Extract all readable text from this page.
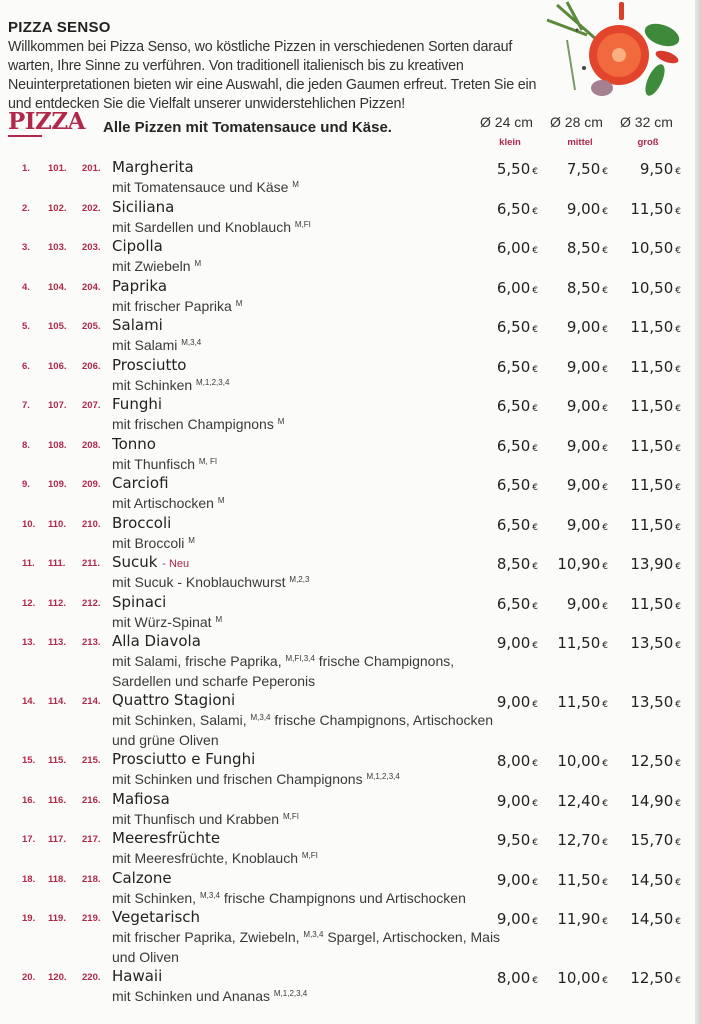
PIZZA SENSO
Willkommen bei Pizza Senso, wo köstliche Pizzen in verschiedenen Sorten darauf warten, Ihre Sinne zu verführen. Von traditionell italienisch bis zu kreativen Neuinterpretationen bieten wir eine Auswahl, die jeden Gaumen erfreut. Treten Sie ein und entdecken Sie die Vielfalt unserer unwiderstehlichen Pizzen!
PIZZA Alle Pizzen mit Tomatensauce und Käse.	Ø 24 cm Ø 28 cm Ø 32 cm
klein	mittel	groß
1. 101. 201. Margherita	5,50 € 7,50 € 9,50 €
mit Tomatensauce und Käse $^M$
2. 102. 202. Siciliana	6,50 € 9,00 € 11,50 €
mit Sardellen und Knoblauch $^{M,FI}$
3. 103. 203. Cipolla	6,00 € 8,50 € 10,50 €
mit Zwiebeln $^M$
4. 104. 204. Paprika	6,00 € 8,50 € 10,50 €
mit frischer Paprika $^M$
5. 105. 205. Salami	6,50 € 9,00 € 11,50 €
mit Salami $^{M,3,4}$
6. 106. 206. Prosciutto	6,50 € 9,00 € 11,50 €
mit Schinken $^{M,1,2,3,4}$
7. 107. 207. Funghi	6,50 € 9,00 € 11,50 €
mit frischen Champignons $^M$
8. 108. 208. Tonno	6,50 € 9,00 € 11,50 €
mit Thunfisch $^{M, FI}$
9. 109. 209. Carciofi	6,50 € 9,00 € 11,50 €
mit Artischocken $^M$
10. 110. 210. Broccoli	6,50 € 9,00 € 11,50 €
mit Broccoli $^M$
11. 111. 211. Sucuk - Neu	8,50 € 10,90 € 13,90 €
mit Sucuk - Knoblauchwurst $^{M,2,3}$
12. 112. 212. Spinaci	6,50 € 9,00 € 11,50 €
mit Würz-Spinat $^M$
13. 113. 213. Alla Diavola	9,00 € 11,50 € 13,50 €
mit Salami, frische Paprika, $^{M,FI,3,4}$ frische Champignons, Sardellen und scharfe Peperonis
14. 114. 214. Quattro Stagioni	9,00 € 11,50 € 13,50 €
mit Schinken, Salami, $^{M,3,4}$ frische Champignons, Artischocken und grüne Oliven
15. 115. 215. Prosciutto e Funghi	8,00 € 10,00 € 12,50 €
mit Schinken und frischen Champignons $^{M,1,2,3,4}$
16. 116. 216. Mafiosa	9,00 € 12,40 € 14,90 €
mit Thunfisch und Krabben $^{M,FI}$
17. 117. 217. Meeresfrüchte	9,50 € 12,70 € 15,70 €
mit Meeresfrüchte, Knoblauch $^{M,FI}$
18. 118. 218. Calzone	9,00 € 11,50 € 14,50 €
mit Schinken, $^{M,3,4}$ frische Champignons und Artischocken
19. 119. 219. Vegetarisch	9,00 € 11,90 € 14,50 €
mit frischer Paprika, Zwiebeln, $^{M,3,4}$ Spargel, Artischocken, Mais und Oliven
20. 120. 220. Hawaii	8,00 € 10,00 € 12,50 €
mit Schinken und Ananas $^{M,1,2,3,4}$
